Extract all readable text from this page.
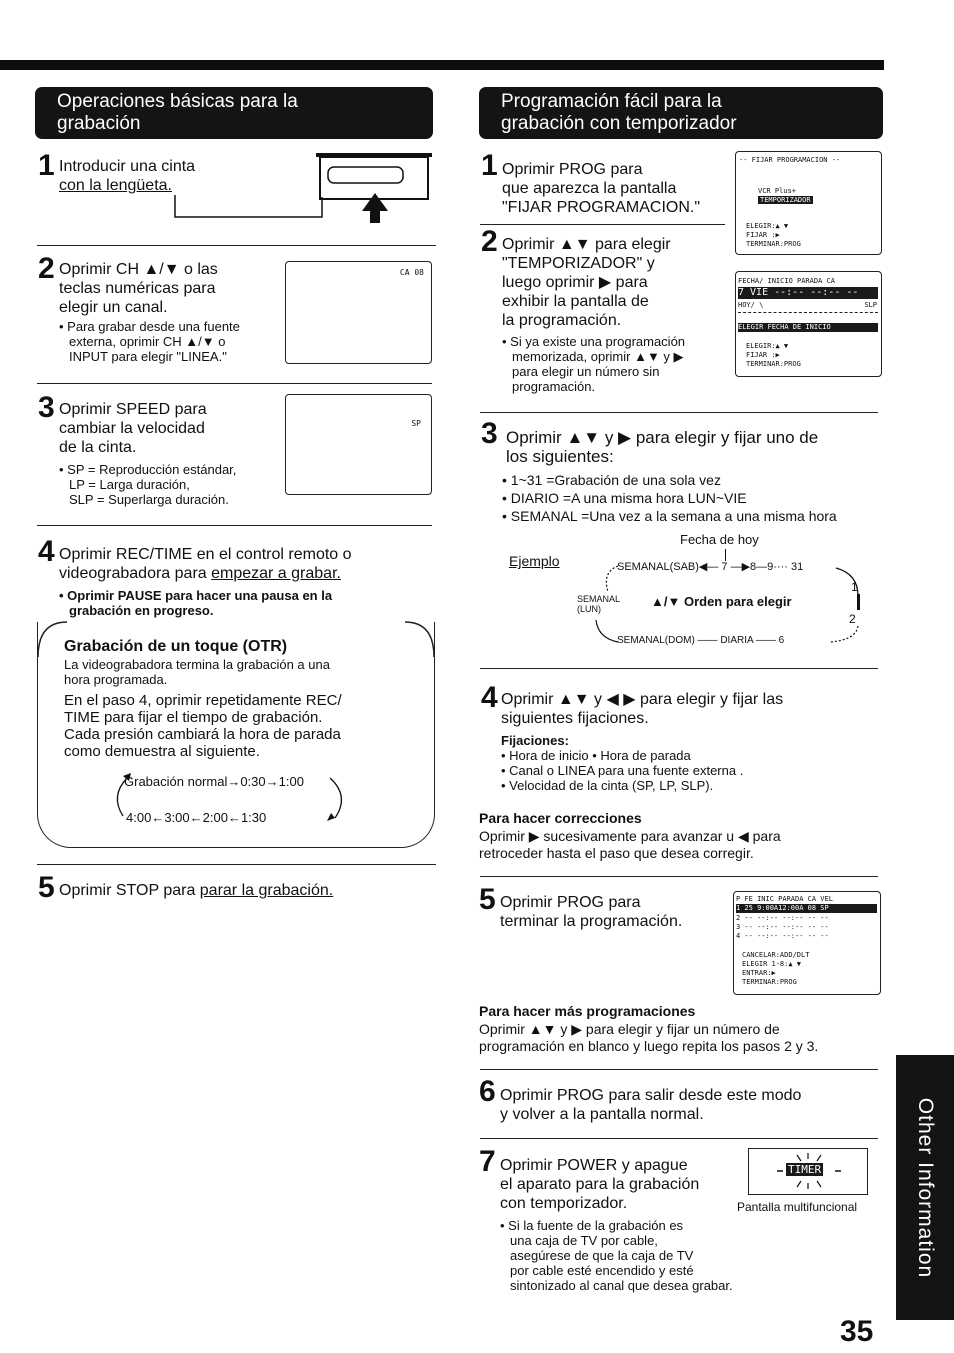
Operaciones básicas para la
grabación
1 Introducir una cinta
con la lengüeta.
2 Oprimir CH ▲/▼ o las
teclas numéricas para
elegir un canal.
• Para grabar desde una fuente
externa, oprimir CH ▲/▼ o
INPUT para elegir "LINEA."
CA 08
3 Oprimir SPEED para
cambiar la velocidad
de la cinta.
• SP = Reproducción estándar,
LP = Larga duración,
SLP = Superlarga duración.
SP
4 Oprimir REC/TIME en el control remoto o
videograbadora para empezar a grabar.
• Oprimir PAUSE para hacer una pausa en la
grabación en progreso.
Grabación de un toque (OTR)
La videograbadora termina la grabación a una
hora programada.
En el paso 4, oprimir repetidamente REC/
TIME para fijar el tiempo de grabación.
Cada presión cambiará la hora de parada
como demuestra al siguiente.
Grabación normal→0:30→1:00
4:00←3:00←2:00←1:30
5 Oprimir STOP para parar la grabación.
Programación fácil para la
grabación con temporizador
1 Oprimir PROG para
que aparezca la pantalla
"FIJAR PROGRAMACION."
-- FIJAR PROGRAMACION --
VCR Plus+
TEMPORIZADOR
ELEGIR:▲ ▼
FIJAR :▶
TERMINAR:PROG
2 Oprimir ▲▼ para elegir
"TEMPORIZADOR" y
luego oprimir ▶ para
exhibir la pantalla de
la programación.
• Si ya existe una programación
memorizada, oprimir ▲▼ y ▶
para elegir un número sin
programación.
FECHA/ INICIO PARADA CA
7 VIE --:-- --:-- --
HOY/ \	SLP
ELEGIR FECHA DE INICIO
ELEGIR:▲ ▼
FIJAR :▶
TERMINAR:PROG
3 Oprimir ▲▼ y ▶ para elegir y fijar uno de
los siguientes:
• 1~31 =Grabación de una sola vez
• DIARIO =A una misma hora LUN~VIE
• SEMANAL =Una vez a la semana a una misma hora
Ejemplo
Fecha de hoy
SEMANAL(SAB)◀— 7 —▶8—9···· 31
SEMANAL
(LUN)	▲/▼ Orden para elegir
1
2
SEMANAL(DOM) —— DIARIA —— 6
4 Oprimir ▲▼ y ◀ ▶ para elegir y fijar las
siguientes fijaciones.
Fijaciones:
• Hora de inicio • Hora de parada
• Canal o LINEA para una fuente externa .
• Velocidad de la cinta (SP, LP, SLP).
Para hacer correcciones
Oprimir ▶ sucesivamente para avanzar u ◀ para
retroceder hasta el paso que desea corregir.
5 Oprimir PROG para
terminar la programación.
P FE INIC PARADA CA VEL
1 25 9:00A12:00A 08 SP
2 -- --:-- --:-- -- --
3 -- --:-- --:-- -- --
4 -- --:-- --:-- -- --
CANCELAR:ADD/DLT
ELEGIR 1-8:▲ ▼
ENTRAR:▶
TERMINAR:PROG
Para hacer más programaciones
Oprimir ▲▼ y ▶ para elegir y fijar un número de
programación en blanco y luego repita los pasos 2 y 3.
6 Oprimir PROG para salir desde este modo
y volver a la pantalla normal.
7 Oprimir POWER y apague
el aparato para la grabación
con temporizador.
• Si la fuente de la grabación es
una caja de TV por cable,
asegúrese de que la caja de TV
por cable esté encendido y esté
sintonizado al canal que desea grabar.
TIMER
Pantalla multifuncional	Other Information
35
